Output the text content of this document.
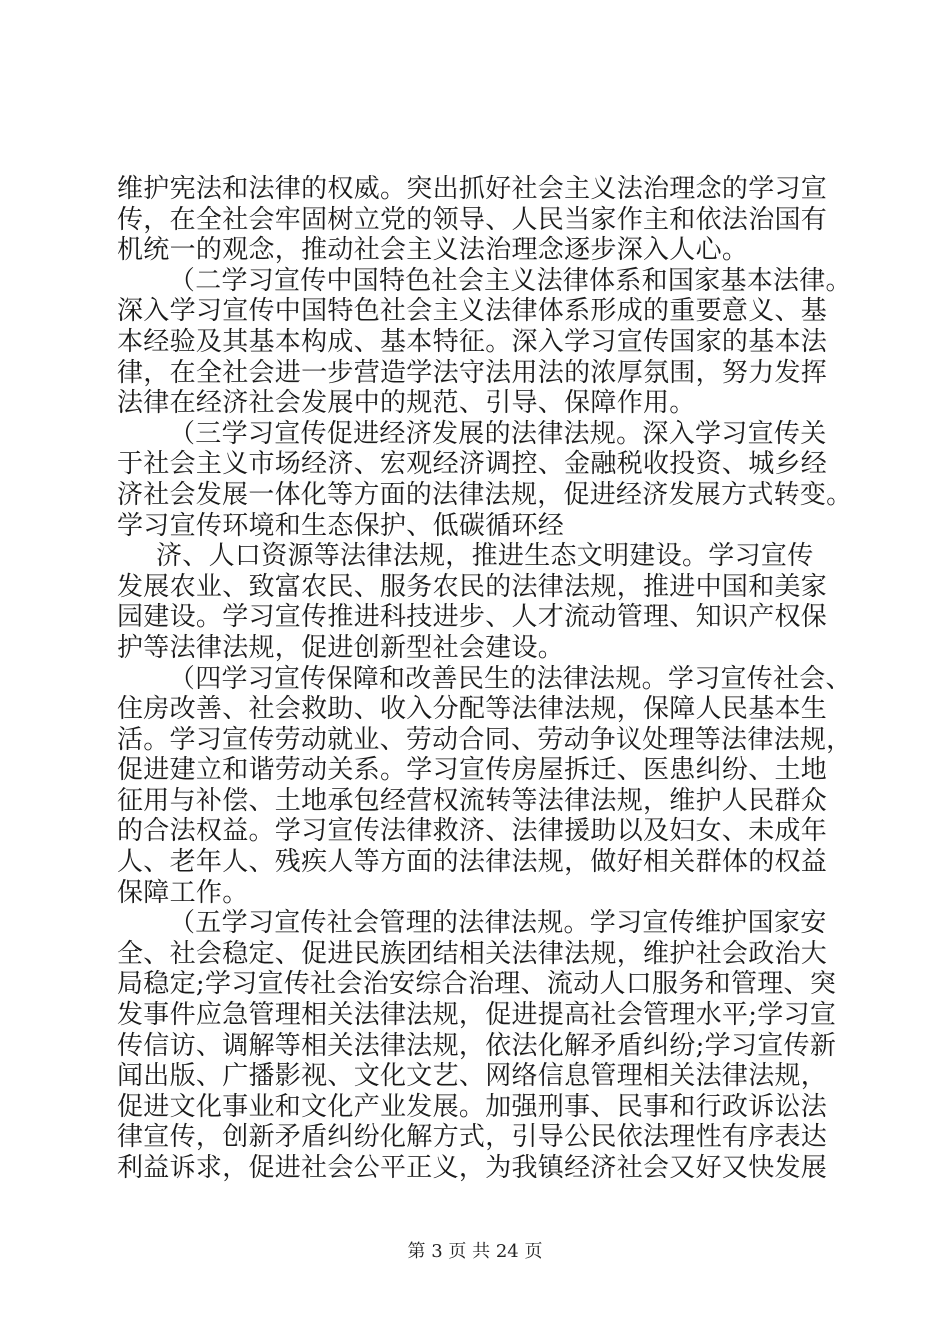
维护宪法和法律的权威。突出抓好社会主义法治理念的学习宣
传，在全社会牢固树立党的领导、人民当家作主和依法治国有
机统一的观念，推动社会主义法治理念逐步深入人心。
（二学习宣传中国特色社会主义法律体系和国家基本法律。
深入学习宣传中国特色社会主义法律体系形成的重要意义、基
本经验及其基本构成、基本特征。深入学习宣传国家的基本法
律，在全社会进一步营造学法守法用法的浓厚氛围，努力发挥
法律在经济社会发展中的规范、引导、保障作用。
（三学习宣传促进经济发展的法律法规。深入学习宣传关
于社会主义市场经济、宏观经济调控、金融税收投资、城乡经
济社会发展一体化等方面的法律法规，促进经济发展方式转变。
学习宣传环境和生态保护、低碳循环经
济、人口资源等法律法规，推进生态文明建设。学习宣传
发展农业、致富农民、服务农民的法律法规，推进中国和美家
园建设。学习宣传推进科技进步、人才流动管理、知识产权保
护等法律法规，促进创新型社会建设。
（四学习宣传保障和改善民生的法律法规。学习宣传社会、
住房改善、社会救助、收入分配等法律法规，保障人民基本生
活。学习宣传劳动就业、劳动合同、劳动争议处理等法律法规，
促进建立和谐劳动关系。学习宣传房屋拆迁、医患纠纷、土地
征用与补偿、土地承包经营权流转等法律法规，维护人民群众
的合法权益。学习宣传法律救济、法律援助以及妇女、未成年
人、老年人、残疾人等方面的法律法规，做好相关群体的权益
保障工作。
（五学习宣传社会管理的法律法规。学习宣传维护国家安
全、社会稳定、促进民族团结相关法律法规，维护社会政治大
局稳定;学习宣传社会治安综合治理、流动人口服务和管理、突
发事件应急管理相关法律法规，促进提高社会管理水平;学习宣
传信访、调解等相关法律法规，依法化解矛盾纠纷;学习宣传新
闻出版、广播影视、文化文艺、网络信息管理相关法律法规，
促进文化事业和文化产业发展。加强刑事、民事和行政诉讼法
律宣传，创新矛盾纠纷化解方式，引导公民依法理性有序表达
利益诉求，促进社会公平正义，为我镇经济社会又好又快发展
第 3 页 共 24 页
